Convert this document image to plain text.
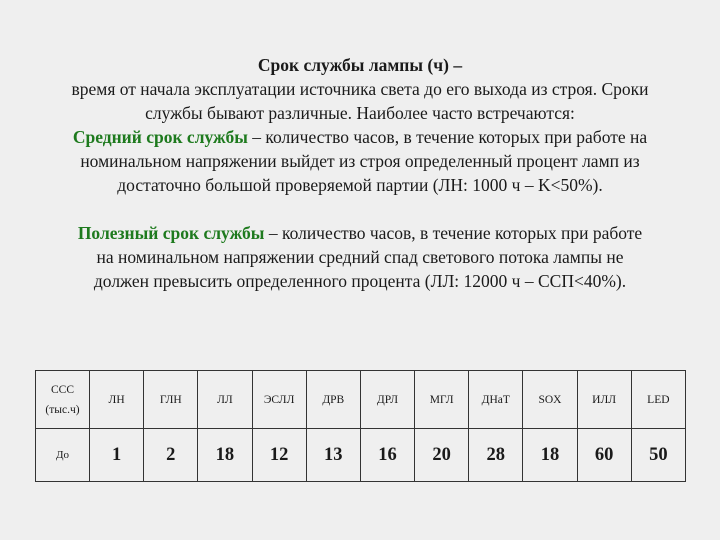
Срок службы лампы (ч) –
время от начала эксплуатации источника света до его выхода из строя. Сроки
службы бывают различные. Наиболее часто встречаются:
Средний срок службы – количество часов, в течение которых при работе на
номинальном напряжении выйдет из строя определенный процент ламп из
достаточно большой проверяемой партии (ЛН: 1000 ч – K<50%).
Полезный срок службы – количество часов, в течение которых при работе
на номинальном напряжении средний спад светового потока лампы не
должен превысить определенного процента (ЛЛ: 12000 ч – ССП<40%).
ССС
(тыс.ч)	ЛН	ГЛН	ЛЛ	ЭСЛЛ	ДРВ	ДРЛ	МГЛ	ДНаТ	SOX	ИЛЛ	LED
До	1	2	18	12	13	16	20	28	18	60	50
